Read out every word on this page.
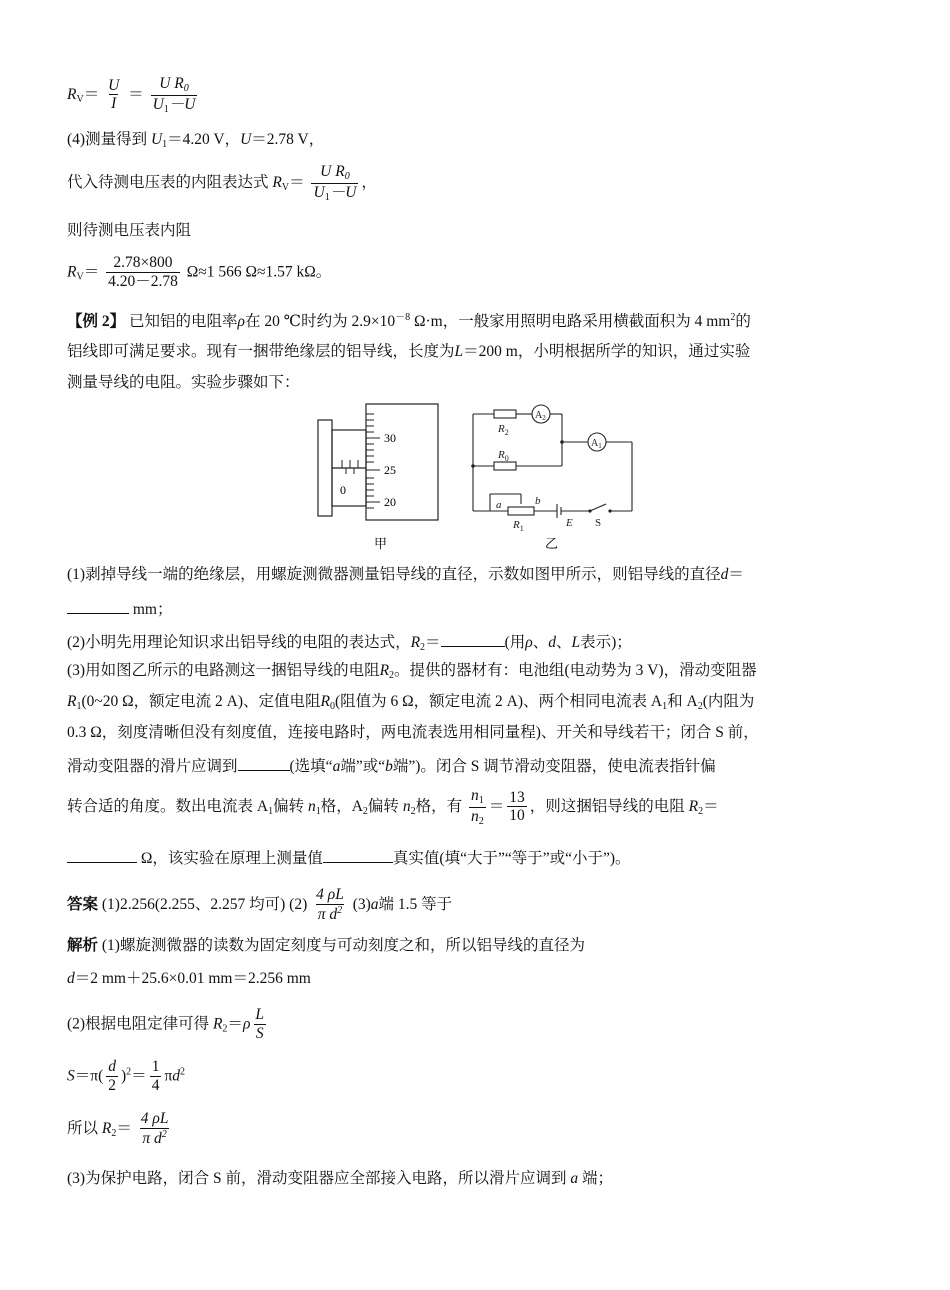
$R_V= \frac{U}{I} = \frac{U R_0}{U_1-U}$
(4)测量得到 $U_1=4.20$ V，U＝2.78 V，
代入待测电压表的内阻表达式 $R_V= \frac{U R_0}{U_1-U}$ ，
则待测电压表内阻
$R_V= \frac{2.78\times 800}{4.20-2.78} \Omega\approx 1$ 566 Ω≈1.57 kΩ。
【例 2】 已知铝的电阻率ρ在 20 ℃时约为 $2.9\times 10^{-8}$ Ω·m，一般家用照明电路采用横截面积为 4 $mm^2$的
铝线即可满足要求。现有一捆带绝缘层的铝导线，长度为L＝200 m，小明根据所学的知识，通过实验
测量导线的电阻。实验步骤如下：
0
30
25
20
甲
$R_2$
$R_0$
$A_2$
$A_1$
a	b
$R_1$	E S
乙
(1)剥掉导线一端的绝缘层，用螺旋测微器测量铝导线的直径，示数如图甲所示，则铝导线的直径d＝
mm；
(2)小明先用理论知识求出铝导线的电阻的表达式，$R_2=$	(用ρ、d、L表示)；
(3)用如图乙所示的电路测这一捆铝导线的电阻$R_2$。提供的器材有：电池组(电动势为 3 V)，滑动变阻器
$R_1(0\sim 20$ Ω，额定电流 2 A)、定值电阻$R_0$(阻值为 6 Ω，额定电流 2 A)、两个相同电流表 $A_1$和 $A_2$(内阻为
0.3 Ω，刻度清晰但没有刻度值，连接电路时，两电流表选用相同量程)、开关和导线若干；闭合 S 前，
滑动变阻器的滑片应调到	(选填“a端”或“b端”)。闭合 S 调节滑动变阻器，使电流表指针偏
转合适的角度。数出电流表 $A_1$偏转 $n_1$格，$A_2$偏转 $n_2$格，有 $\frac{n_1}{n_2} = \frac{13}{10}$ ，则这捆铝导线的电阻 $R_2=$
Ω，该实验在原理上测量值	真实值(填“大于”“等于”或“小于”)。
答案 (1)2.256(2.255、2.257 均可) $(2) \frac{4 \rho L}{\pi d^2} (3)a$端 1.5 等于
解析 (1)螺旋测微器的读数为固定刻度与可动刻度之和，所以铝导线的直径为
d＝2 mm＋25.6×0.01 mm＝2.256 mm
(2)根据电阻定律可得 $R_2=\rho \frac{L}{S}$
$S=\pi( \frac{d}{2} )^2= \frac{1}{4} \pi d^2$
所以 $R_2= \frac{4 \rho L}{\pi d^2}$
(3)为保护电路，闭合 S 前，滑动变阻器应全部接入电路，所以滑片应调到 a 端；
